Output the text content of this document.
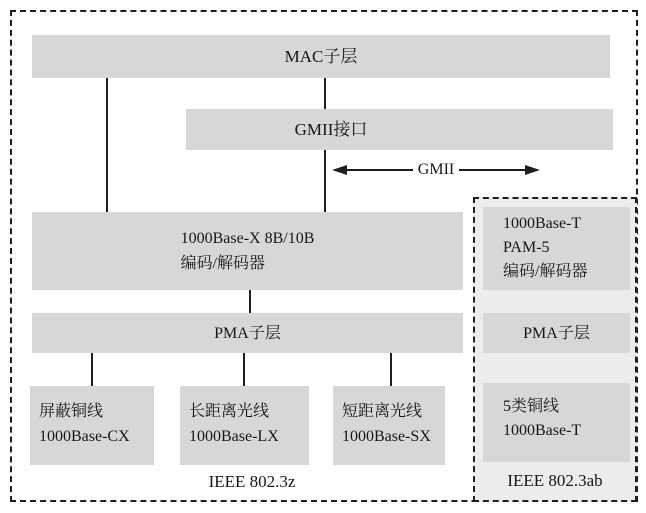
MAC子层
GMII接口
GMII
1000Base-X 8B/10B
编码/解码器
PMA子层
屏蔽铜线
1000Base-CX
长距离光线
1000Base-LX
短距离光线
1000Base-SX
IEEE 802.3z
1000Base-T
PAM-5
编码/解码器
PMA子层
5类铜线
1000Base-T
IEEE 802.3ab
